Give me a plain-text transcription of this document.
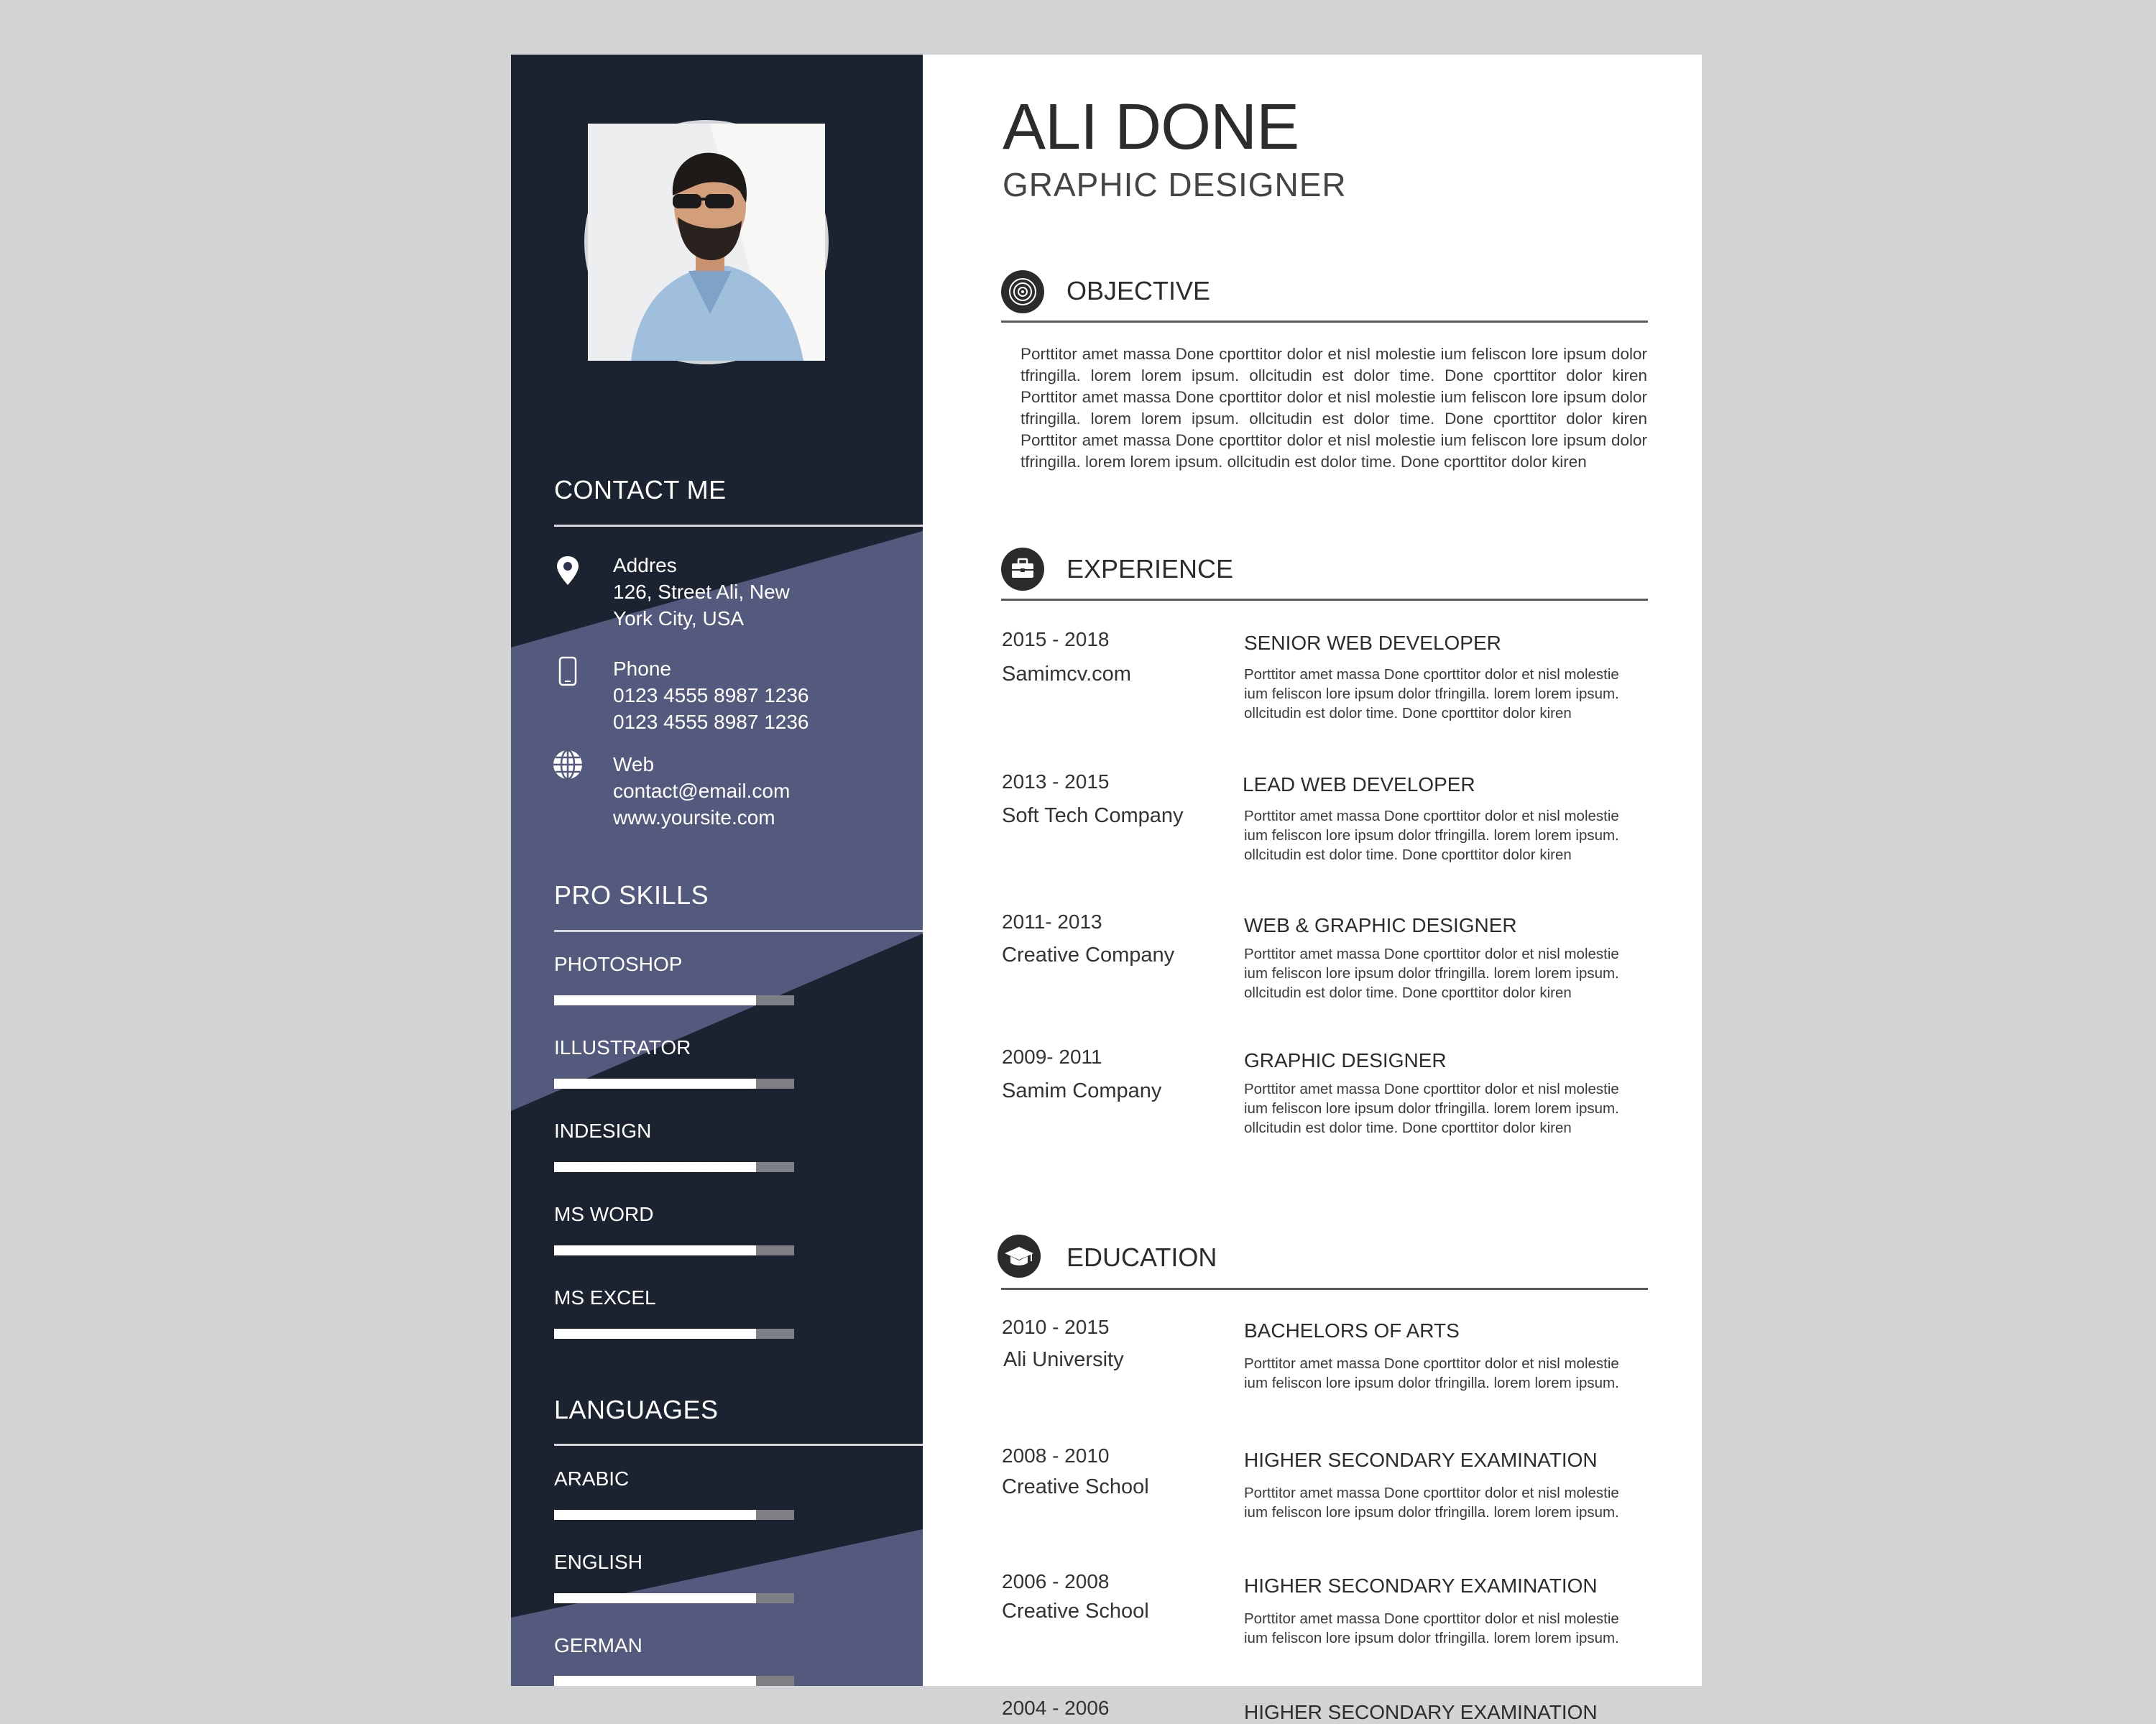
CONTACT ME
Addres
126, Street Ali, New
York City, USA
Phone
0123 4555 8987 1236
0123 4555 8987 1236
Web
contact@email.com
www.yoursite.com
PRO SKILLS
PHOTOSHOP
ILLUSTRATOR
INDESIGN
MS WORD
MS EXCEL
LANGUAGES
ARABIC
ENGLISH
GERMAN
ALI DONE
GRAPHIC DESIGNER
OBJECTIVE
Porttitor amet massa Done cporttitor dolor et nisl molestie ium feliscon lore ipsum dolor tfringilla. lorem lorem ipsum. ollcitudin est dolor time. Done cporttitor dolor kiren Porttitor amet massa Done cporttitor dolor et nisl molestie ium feliscon lore ipsum dolor tfringilla. lorem lorem ipsum. ollcitudin est dolor time. Done cporttitor dolor kiren Porttitor amet massa Done cporttitor dolor et nisl molestie ium feliscon lore ipsum dolor tfringilla. lorem lorem ipsum. ollcitudin est dolor time. Done cporttitor dolor kiren
EXPERIENCE
2015 - 2018
Samimcv.com
SENIOR WEB DEVELOPER
Porttitor amet massa Done cporttitor dolor et nisl molestie
ium feliscon lore ipsum dolor tfringilla. lorem lorem ipsum.
ollcitudin est dolor time. Done cporttitor dolor kiren
2013 - 2015
Soft Tech Company
LEAD WEB DEVELOPER
Porttitor amet massa Done cporttitor dolor et nisl molestie
ium feliscon lore ipsum dolor tfringilla. lorem lorem ipsum.
ollcitudin est dolor time. Done cporttitor dolor kiren
2011- 2013
Creative Company
WEB & GRAPHIC DESIGNER
Porttitor amet massa Done cporttitor dolor et nisl molestie
ium feliscon lore ipsum dolor tfringilla. lorem lorem ipsum.
ollcitudin est dolor time. Done cporttitor dolor kiren
2009- 2011
Samim Company
GRAPHIC DESIGNER
Porttitor amet massa Done cporttitor dolor et nisl molestie
ium feliscon lore ipsum dolor tfringilla. lorem lorem ipsum.
ollcitudin est dolor time. Done cporttitor dolor kiren
EDUCATION
2010 - 2015
Ali University
BACHELORS OF ARTS
Porttitor amet massa Done cporttitor dolor et nisl molestie
ium feliscon lore ipsum dolor tfringilla. lorem lorem ipsum.
2008 - 2010
Creative School
HIGHER SECONDARY EXAMINATION
Porttitor amet massa Done cporttitor dolor et nisl molestie
ium feliscon lore ipsum dolor tfringilla. lorem lorem ipsum.
2006 - 2008
Creative School
HIGHER SECONDARY EXAMINATION
Porttitor amet massa Done cporttitor dolor et nisl molestie
ium feliscon lore ipsum dolor tfringilla. lorem lorem ipsum.
2004 - 2006	HIGHER SECONDARY EXAMINATION
